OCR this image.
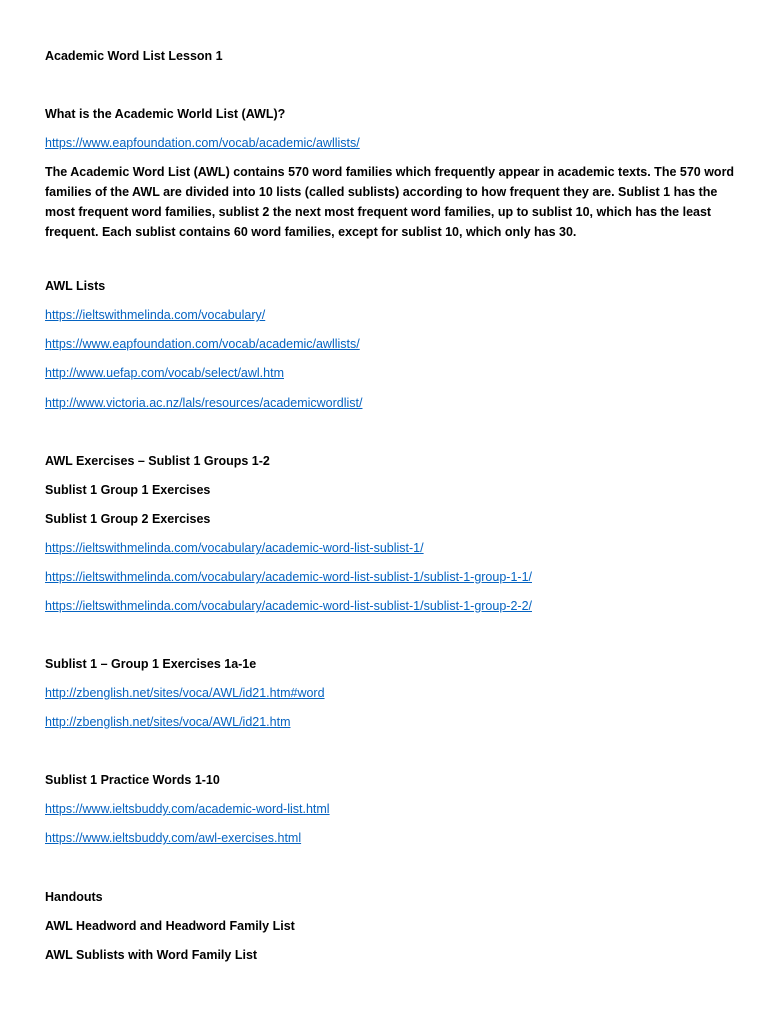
Academic Word List Lesson 1
What is the Academic World List (AWL)?
https://www.eapfoundation.com/vocab/academic/awllists/
The Academic Word List (AWL) contains 570 word families which frequently appear in academic texts. The 570 word families of the AWL are divided into 10 lists (called sublists) according to how frequent they are. Sublist 1 has the most frequent word families, sublist 2 the next most frequent word families, up to sublist 10, which has the least frequent. Each sublist contains 60 word families, except for sublist 10, which only has 30.
AWL Lists
https://ieltswithmelinda.com/vocabulary/
https://www.eapfoundation.com/vocab/academic/awllists/
http://www.uefap.com/vocab/select/awl.htm
http://www.victoria.ac.nz/lals/resources/academicwordlist/
AWL Exercises – Sublist 1 Groups 1-2
Sublist 1 Group 1 Exercises
Sublist 1 Group 2 Exercises
https://ieltswithmelinda.com/vocabulary/academic-word-list-sublist-1/
https://ieltswithmelinda.com/vocabulary/academic-word-list-sublist-1/sublist-1-group-1-1/
https://ieltswithmelinda.com/vocabulary/academic-word-list-sublist-1/sublist-1-group-2-2/
Sublist 1 – Group 1 Exercises 1a-1e
http://zbenglish.net/sites/voca/AWL/id21.htm#word
http://zbenglish.net/sites/voca/AWL/id21.htm
Sublist 1 Practice Words 1-10
https://www.ieltsbuddy.com/academic-word-list.html
https://www.ieltsbuddy.com/awl-exercises.html
Handouts
AWL Headword and Headword Family List
AWL Sublists with Word Family List
